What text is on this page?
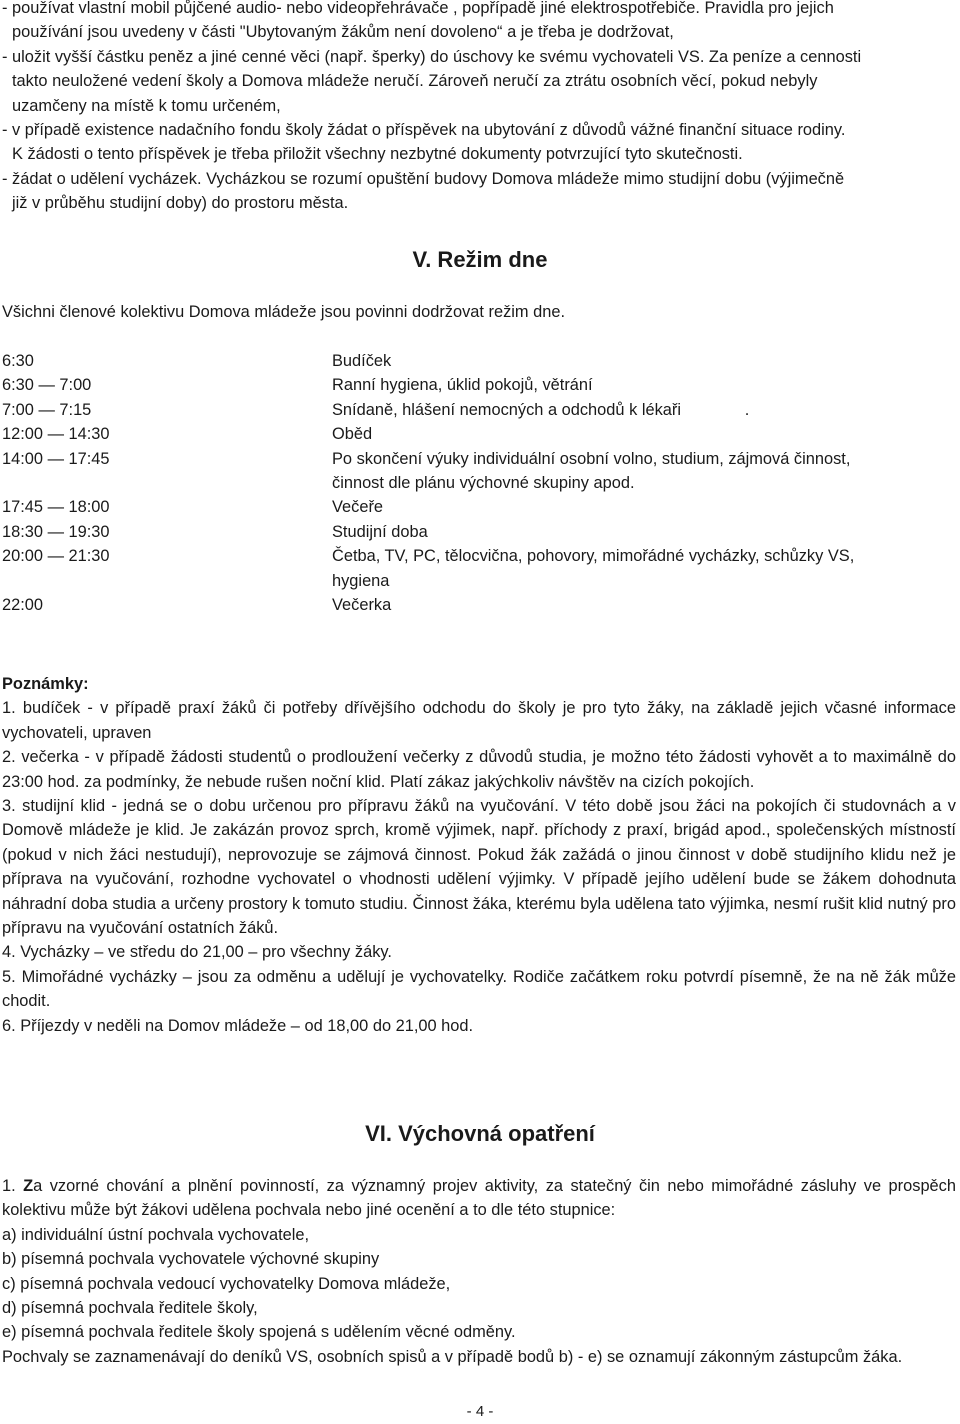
- používat vlastní mobil půjčené audio- nebo videopřehrávače , popřípadě jiné elektrospotřebiče. Pravidla pro jejich

používání jsou uvedeny v části "Ubytovaným žákům není dovoleno“ a je třeba je dodržovat,

- uložit vyšší částku peněz a jiné cenné věci (např. šperky) do úschovy ke svému vychovateli VS. Za peníze a cennosti

takto neuložené vedení školy a Domova mládeže neručí. Zároveň neručí za ztrátu osobních věcí, pokud nebyly

uzamčeny na místě k tomu určeném,

- v případě existence nadačního fondu školy žádat o příspěvek na ubytování z důvodů vážné finanční situace rodiny.

K žádosti o tento příspěvek je třeba přiložit všechny nezbytné dokumenty potvrzující tyto skutečnosti.

- žádat o udělení vycházek. Vycházkou se rozumí opuštění budovy Domova mládeže mimo studijní dobu (výjimečně

již v průběhu studijní doby) do prostoru města.

V. Režim dne

Všichni členové kolektivu Domova mládeže jsou povinni dodržovat režim dne.

6:30	Budíček
6:30 — 7:00	Ranní hygiena, úklid pokojů, větrání
7:00 — 7:15	Snídaně, hlášení nemocných a odchodů k lékaři              .
12:00 — 14:30	Oběd
14:00 — 17:45	Po skončení výuky individuální osobní volno, studium, zájmová činnost,
činnost dle plánu výchovné skupiny apod.
17:45 — 18:00	Večeře
18:30 — 19:30	Studijní doba
20:00 — 21:30	Četba, TV, PC, tělocvična, pohovory, mimořádné vycházky, schůzky VS,
hygiena
22:00	Večerka

Poznámky:

1. budíček - v případě praxí žáků či potřeby dřívějšího odchodu do školy je pro tyto žáky, na základě jejich včasné informace vychovateli, upraven

2. večerka - v případě žádosti studentů o prodloužení večerky z důvodů studia, je možno této žádosti vyhovět a to maximálně do 23:00 hod. za podmínky, že nebude rušen noční klid. Platí zákaz jakýchkoliv návštěv na cizích pokojích.

3. studijní klid - jedná se o dobu určenou pro přípravu žáků na vyučování. V této době jsou žáci na pokojích či studovnách a v Domově mládeže je klid. Je zakázán provoz sprch, kromě výjimek, např. příchody z praxí, brigád apod., společenských místností (pokud v nich žáci nestudují), neprovozuje se zájmová činnost. Pokud žák zažádá o jinou činnost v době studijního klidu než je příprava na vyučování, rozhodne vychovatel o vhodnosti udělení výjimky. V případě jejího udělení bude se žákem dohodnuta náhradní doba studia a určeny prostory k tomuto studiu. Činnost žáka, kterému byla udělena tato výjimka, nesmí rušit klid nutný pro přípravu na vyučování ostatních žáků.

4. Vycházky – ve středu do 21,00 – pro všechny žáky.

5. Mimořádné vycházky – jsou za odměnu a udělují je vychovatelky. Rodiče začátkem roku potvrdí písemně, že na ně žák může chodit.

6. Příjezdy v neděli na Domov mládeže – od 18,00 do 21,00 hod.

VI. Výchovná opatření

1. Za vzorné chování a plnění povinností, za významný projev aktivity, za statečný čin nebo mimořádné zásluhy ve prospěch kolektivu může být žákovi udělena pochvala nebo jiné ocenění a to dle této stupnice:

a) individuální ústní pochvala vychovatele,

b) písemná pochvala vychovatele výchovné skupiny

c) písemná pochvala vedoucí vychovatelky Domova mládeže,

d) písemná pochvala ředitele školy,

e) písemná pochvala ředitele školy spojená s udělením věcné odměny.

Pochvaly se zaznamenávají do deníků VS, osobních spisů a v případě bodů b) - e) se oznamují zákonným zástupcům žáka.

- 4 -
